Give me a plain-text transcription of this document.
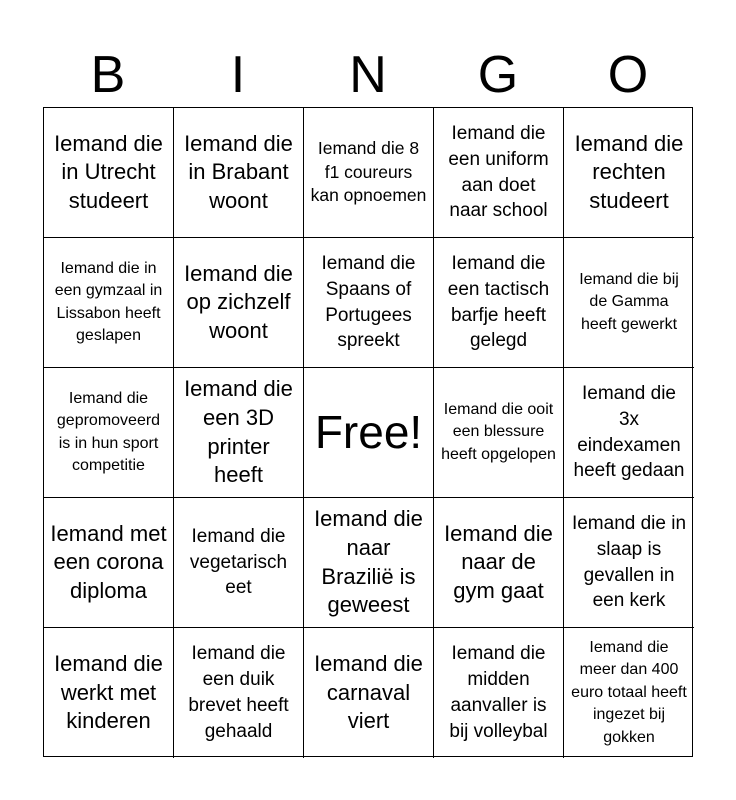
B	I	N	G	O
Iemand die in Utrecht studeert
Iemand die in Brabant woont
Iemand die 8 f1 coureurs kan opnoemen
Iemand die een uniform aan doet naar school
Iemand die rechten studeert
Iemand die in een gymzaal in Lissabon heeft geslapen
Iemand die op zichzelf woont
Iemand die Spaans of Portugees spreekt
Iemand die een tactisch barfje heeft gelegd
Iemand die bij de Gamma heeft gewerkt
Iemand die gepromoveerd is in hun sport competitie
Iemand die een 3D printer heeft
Free!	Iemand die ooit een blessure heeft opgelopen
Iemand die 3x eindexamen heeft gedaan
Iemand met een corona diploma
Iemand die vegetarisch eet
Iemand die naar Brazilië is geweest
Iemand die naar de gym gaat
Iemand die in slaap is gevallen in een kerk
Iemand die werkt met kinderen
Iemand die een duik brevet heeft gehaald
Iemand die carnaval viert
Iemand die midden aanvaller is bij volleybal
Iemand die meer dan 400 euro totaal heeft ingezet bij gokken
